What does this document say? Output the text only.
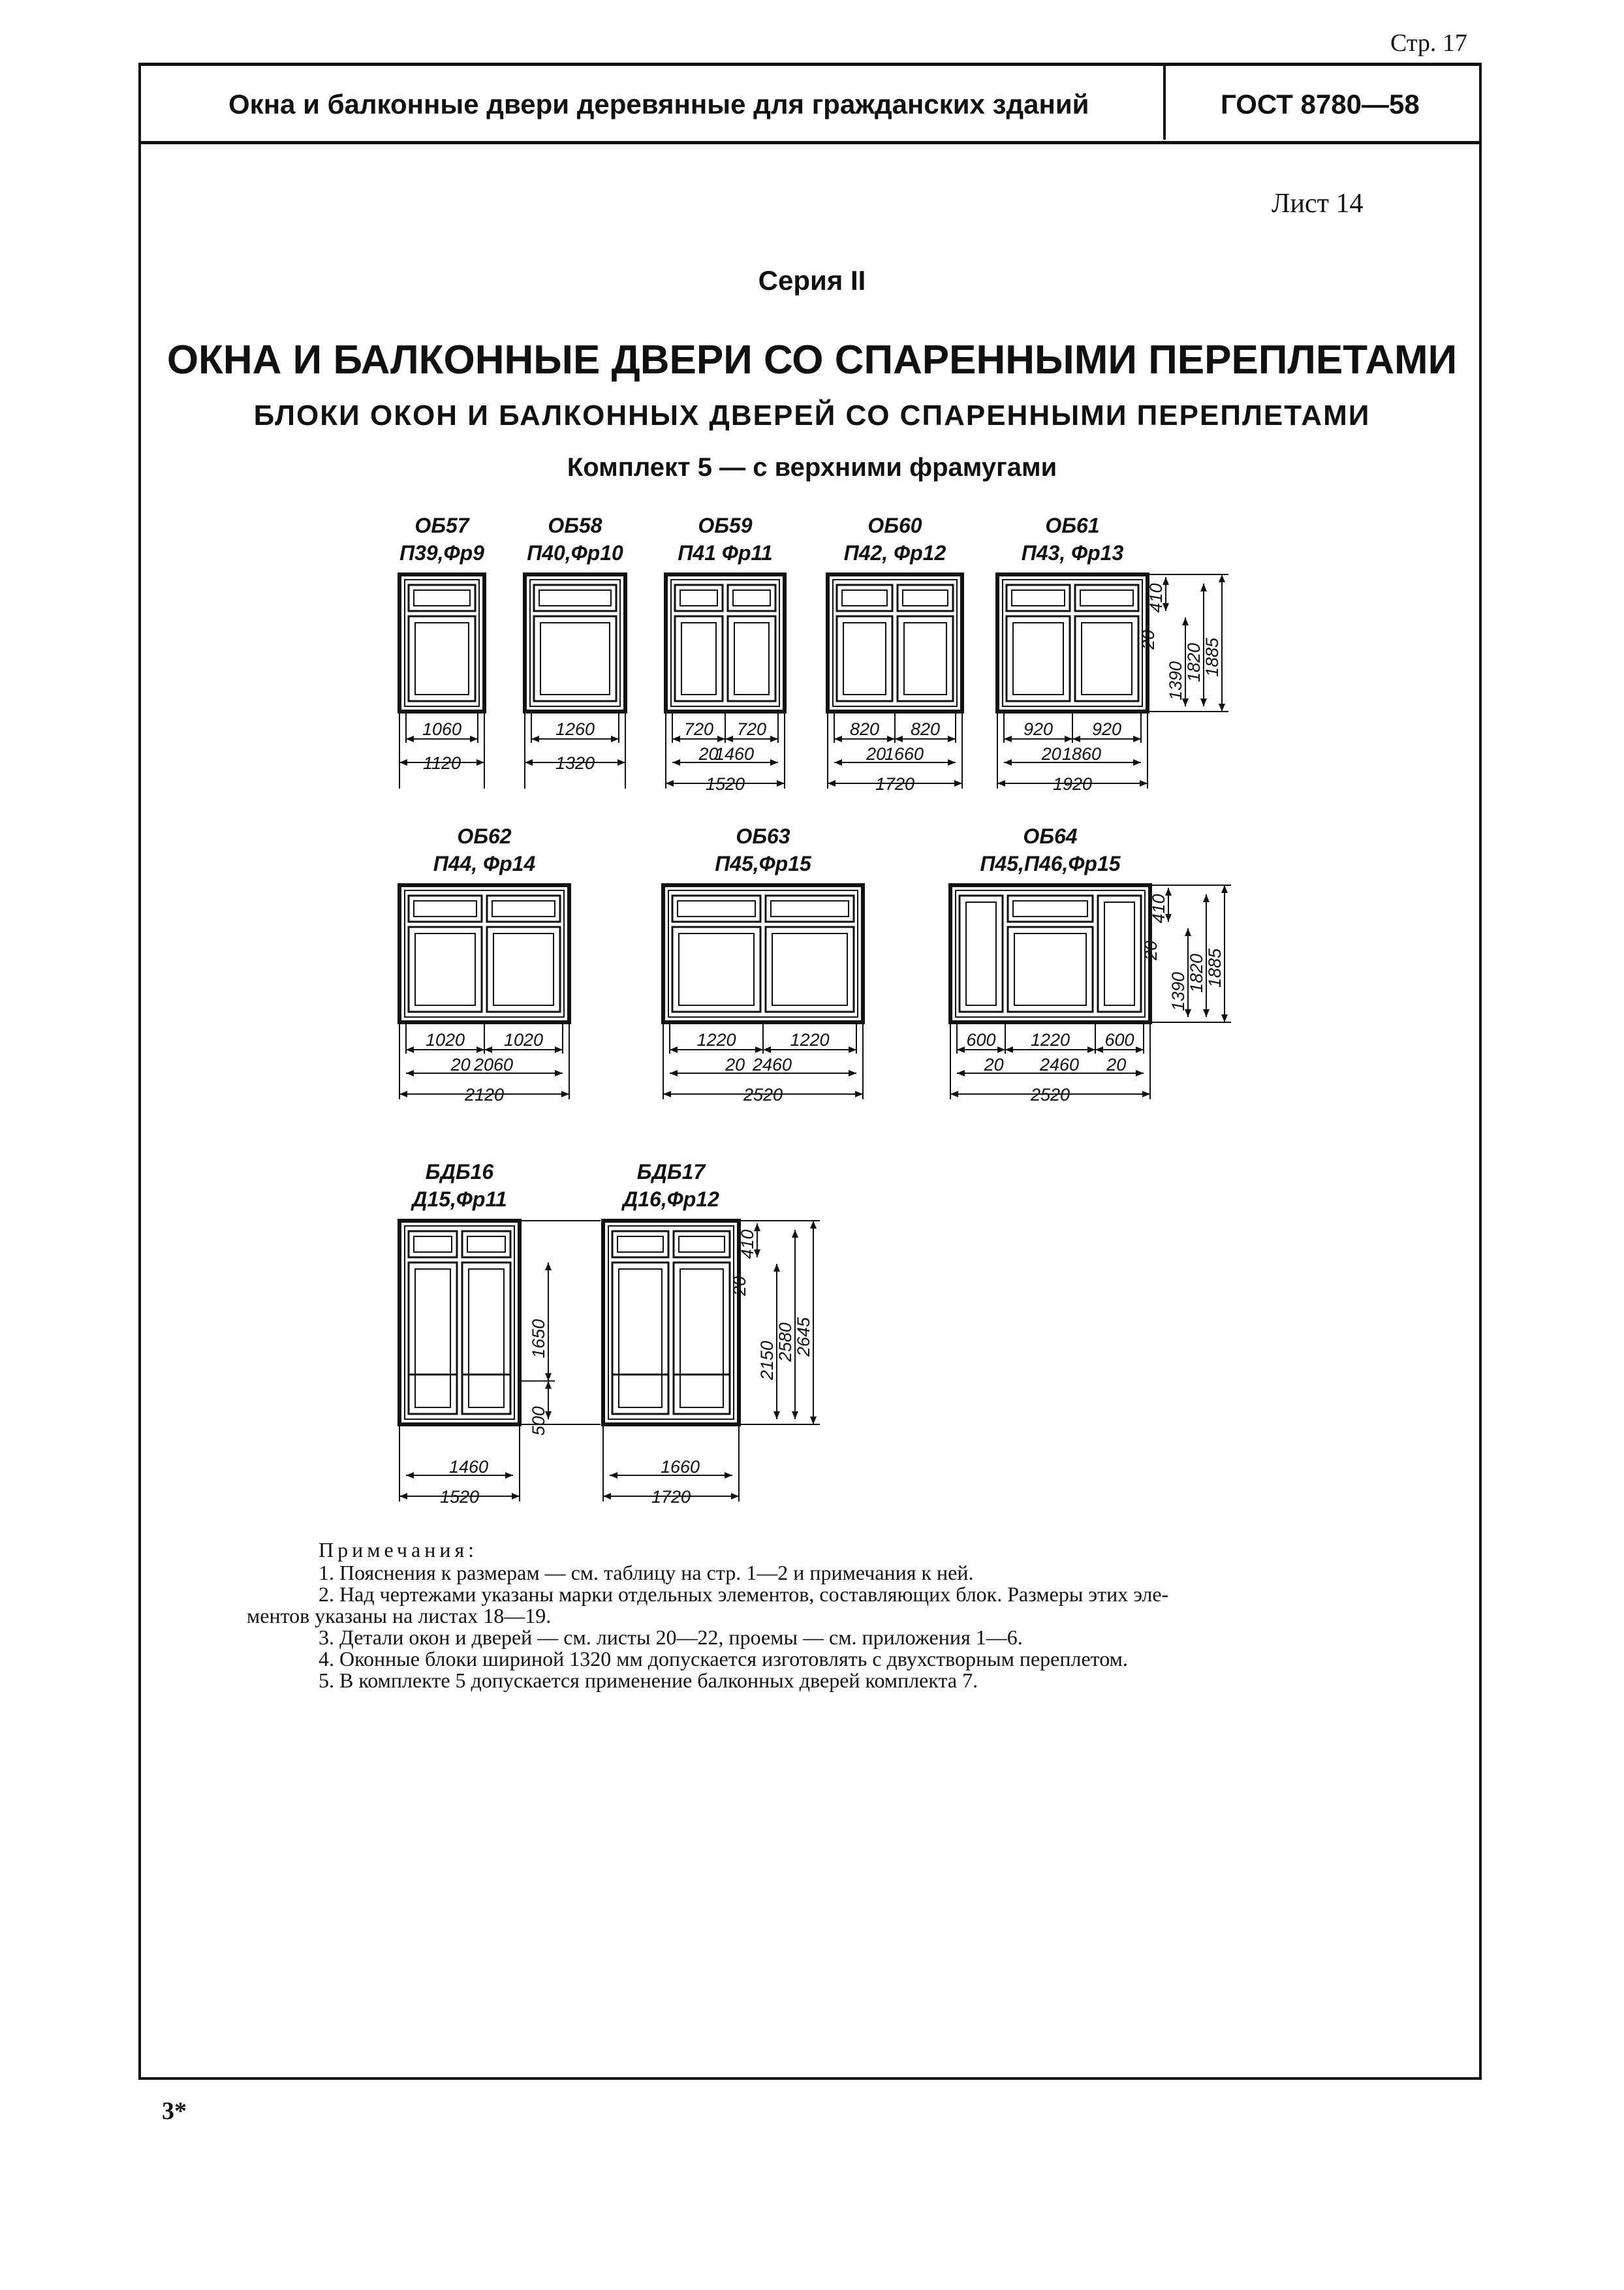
Стр. 17
Окна и балконные двери деревянные для гражданских зданий	ГОСТ 8780—58
Лист 14
Серия II
ОКНА И БАЛКОННЫЕ ДВЕРИ СО СПАРЕННЫМИ ПЕРЕПЛЕТАМИ
БЛОКИ ОКОН И БАЛКОННЫХ ДВЕРЕЙ СО СПАРЕННЫМИ ПЕРЕПЛЕТАМИ
Комплект 5 — с верхними фрамугами
ОБ57
П39,Фр9
1060
1120
ОБ58
П40,Фр10
1260
1320
ОБ59
П41 Фр11
720 720
20
1460
1520
ОБ60
П42, Фр12
820 820
20
1660
1720
ОБ61
П43, Фр13
920 920
20 1860
1920
410
20
1390
1820
1885
ОБ62
П44, Фр14
1020 1020
20 2060
2120
ОБ63
П45,Фр15
1220	1220
20 2460
2520
ОБ64
П45,П46,Фр15
600 1220 600
20	20
2460
2520
410
20
1390
1820
1885
БДБ16
Д15,Фр11
1460
1520
1650
500
БДБ17
Д16,Фр12
1660
1720
410
20
2150
2580
2645
Примечания:

1. Пояснения к размерам — см. таблицу на стр. 1—2 и примечания к ней.

2. Над чертежами указаны марки отдельных элементов, составляющих блок. Размеры этих эле-

ментов указаны на листах 18—19.

3. Детали окон и дверей — см. листы 20—22, проемы — см. приложения 1—6.

4. Оконные блоки шириной 1320 мм допускается изготовлять с двухстворным переплетом.

5. В комплекте 5 допускается применение балконных дверей комплекта 7.

3*
